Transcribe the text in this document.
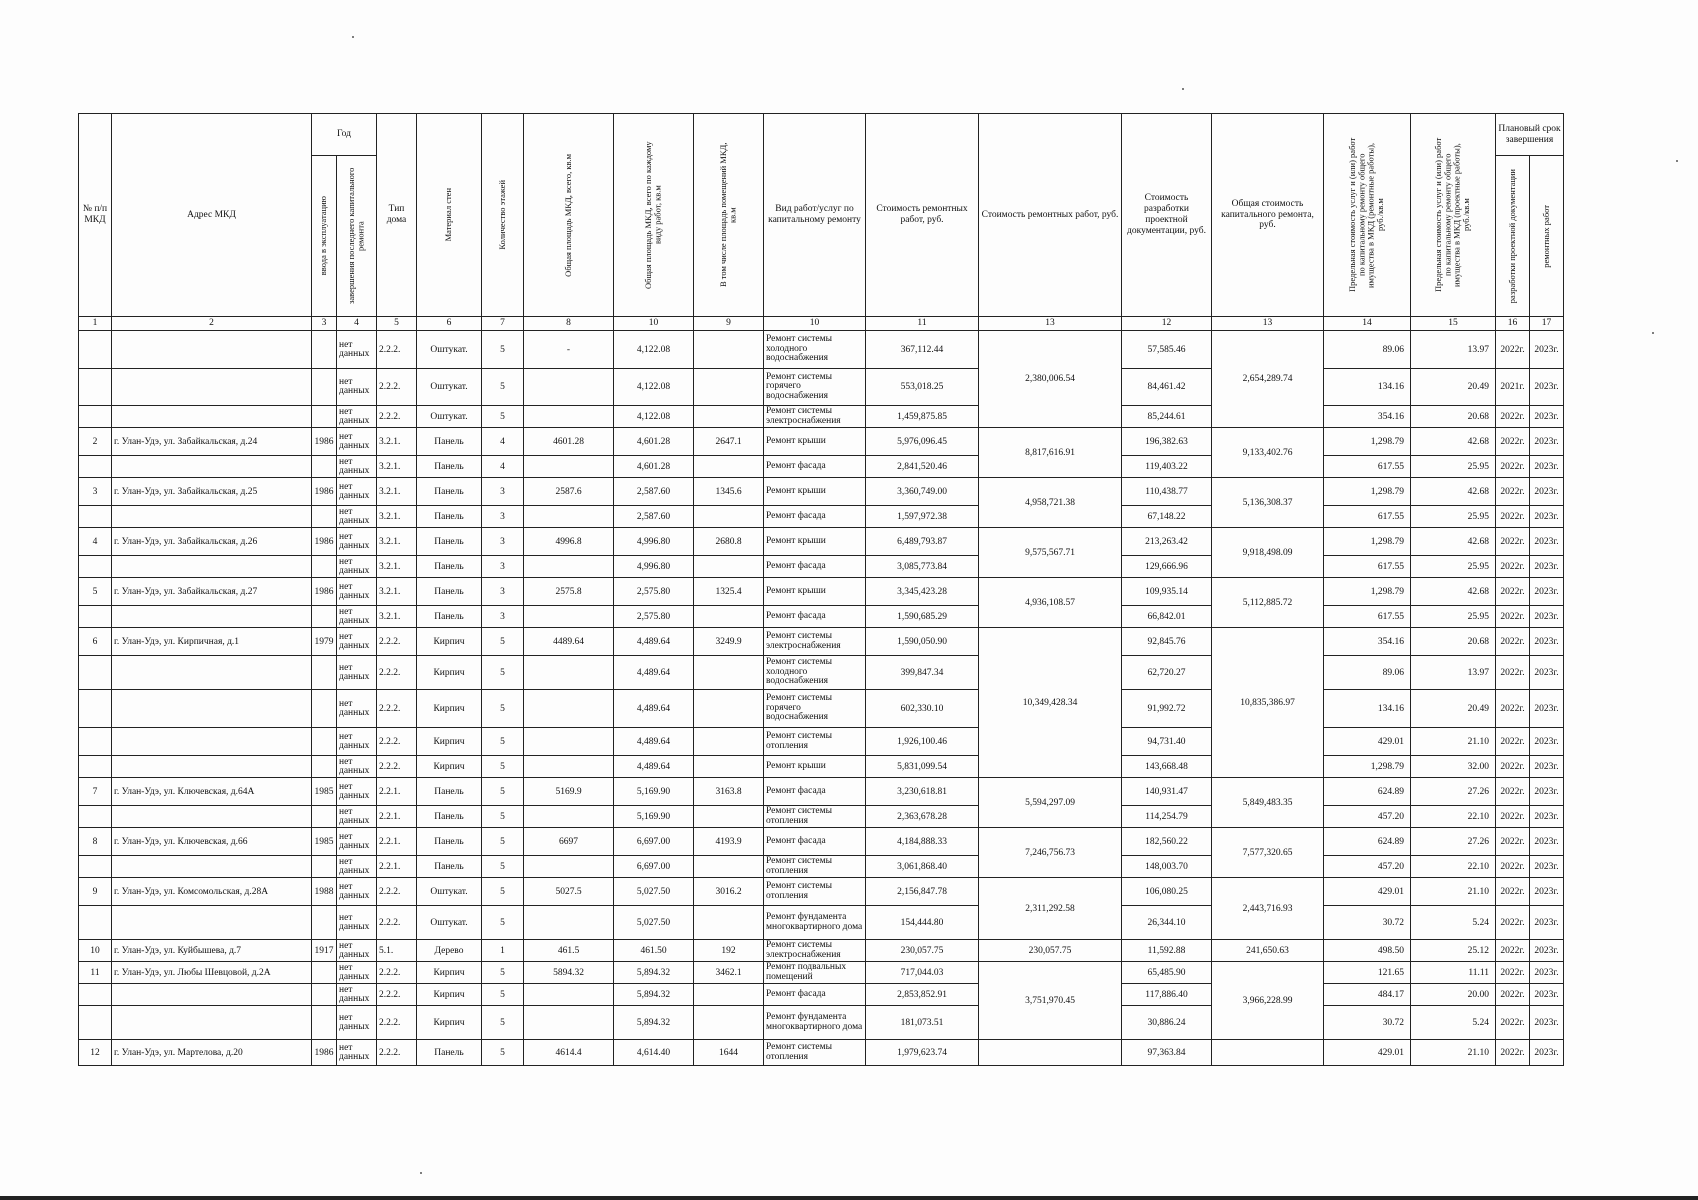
№ п/п МКД	Адрес МКД	Год		Тип дома	Материал стен	Количество этажей	Общая площадь МКД, всего, кв.м	Общая площадь МКД, всего по каждому виду работ, кв.м	В том числе площадь помещений МКД, кв.м	Вид работ/услуг по капитальному ремонту	Стоимость ремонтных работ, руб.	Стоимость ремонтных работ, руб.	Стоимость разработки проектной документации, руб.	Общая стоимость капитального ремонта, руб.	Предельная стоимость услуг и (или) работ по капитальному ремонту общего имущества в МКД (ремонтные работы), руб./кв.м	Предельная стоимость услуг и (или) работ по капитальному ремонту общего имущества в МКД (проектные работы), руб./кв.м	Плановый срок завершения	

		ввода в эксплуатацию	завершения последнего капитального ремонта														разработки проектной документации	ремонтных работ

1	2	3	4	5	6	7	8	10	9	10	11	13	12	13	14	15	16	17
			нет данных	2.2.2.	Оштукат.	5	-	4,122.08		Ремонт системы холодного водоснабжения	367,112.44	2,380,006.54	57,585.46	2,654,289.74	89.06	13.97	2022г.	2023г.
			нет данных	2.2.2.	Оштукат.	5		4,122.08		Ремонт системы горячего водоснабжения	553,018.25		84,461.42		134.16	20.49	2021г.	2023г.
			нет данных	2.2.2.	Оштукат.	5		4,122.08		Ремонт системы электроснабжения	1,459,875.85		85,244.61		354.16	20.68	2022г.	2023г.
2	г. Улан-Удэ, ул. Забайкальская, д.24	1986	нет данных	3.2.1.	Панель	4	4601.28	4,601.28	2647.1	Ремонт крыши	5,976,096.45	8,817,616.91	196,382.63	9,133,402.76	1,298.79	42.68	2022г.	2023г.
			нет данных	3.2.1.	Панель	4		4,601.28		Ремонт фасада	2,841,520.46		119,403.22		617.55	25.95	2022г.	2023г.
3	г. Улан-Удэ, ул. Забайкальская, д.25	1986	нет данных	3.2.1.	Панель	3	2587.6	2,587.60	1345.6	Ремонт крыши	3,360,749.00	4,958,721.38	110,438.77	5,136,308.37	1,298.79	42.68	2022г.	2023г.
			нет данных	3.2.1.	Панель	3		2,587.60		Ремонт фасада	1,597,972.38		67,148.22		617.55	25.95	2022г.	2023г.
4	г. Улан-Удэ, ул. Забайкальская, д.26	1986	нет данных	3.2.1.	Панель	3	4996.8	4,996.80	2680.8	Ремонт крыши	6,489,793.87	9,575,567.71	213,263.42	9,918,498.09	1,298.79	42.68	2022г.	2023г.
			нет данных	3.2.1.	Панель	3		4,996.80		Ремонт фасада	3,085,773.84		129,666.96		617.55	25.95	2022г.	2023г.
5	г. Улан-Удэ, ул. Забайкальская, д.27	1986	нет данных	3.2.1.	Панель	3	2575.8	2,575.80	1325.4	Ремонт крыши	3,345,423.28	4,936,108.57	109,935.14	5,112,885.72	1,298.79	42.68	2022г.	2023г.
			нет данных	3.2.1.	Панель	3		2,575.80		Ремонт фасада	1,590,685.29		66,842.01		617.55	25.95	2022г.	2023г.
6	г. Улан-Удэ, ул. Кирпичная, д.1	1979	нет данных	2.2.2.	Кирпич	5	4489.64	4,489.64	3249.9	Ремонт системы электроснабжения	1,590,050.90	10,349,428.34	92,845.76	10,835,386.97	354.16	20.68	2022г.	2023г.
			нет данных	2.2.2.	Кирпич	5		4,489.64		Ремонт системы холодного водоснабжения	399,847.34		62,720.27		89.06	13.97	2022г.	2023г.
			нет данных	2.2.2.	Кирпич	5		4,489.64		Ремонт системы горячего водоснабжения	602,330.10		91,992.72		134.16	20.49	2022г.	2023г.
			нет данных	2.2.2.	Кирпич	5		4,489.64		Ремонт системы отопления	1,926,100.46		94,731.40		429.01	21.10	2022г.	2023г.
			нет данных	2.2.2.	Кирпич	5		4,489.64		Ремонт крыши	5,831,099.54		143,668.48		1,298.79	32.00	2022г.	2023г.
7	г. Улан-Удэ, ул. Ключевская, д.64А	1985	нет данных	2.2.1.	Панель	5	5169.9	5,169.90	3163.8	Ремонт фасада	3,230,618.81	5,594,297.09	140,931.47	5,849,483.35	624.89	27.26	2022г.	2023г.
			нет данных	2.2.1.	Панель	5		5,169.90		Ремонт системы отопления	2,363,678.28		114,254.79		457.20	22.10	2022г.	2023г.
8	г. Улан-Удэ, ул. Ключевская, д.66	1985	нет данных	2.2.1.	Панель	5	6697	6,697.00	4193.9	Ремонт фасада	4,184,888.33	7,246,756.73	182,560.22	7,577,320.65	624.89	27.26	2022г.	2023г.
			нет данных	2.2.1.	Панель	5		6,697.00		Ремонт системы отопления	3,061,868.40		148,003.70		457.20	22.10	2022г.	2023г.
9	г. Улан-Удэ, ул. Комсомольская, д.28А	1988	нет данных	2.2.2.	Оштукат.	5	5027.5	5,027.50	3016.2	Ремонт системы отопления	2,156,847.78	2,311,292.58	106,080.25	2,443,716.93	429.01	21.10	2022г.	2023г.
			нет данных	2.2.2.	Оштукат.	5		5,027.50		Ремонт фундамента многоквартирного дома	154,444.80		26,344.10		30.72	5.24	2022г.	2023г.
10	г. Улан-Удэ, ул. Куйбышева, д.7	1917	нет данных	5.1.	Дерево	1	461.5	461.50	192	Ремонт системы электроснабжения	230,057.75	230,057.75	11,592.88	241,650.63	498.50	25.12	2022г.	2023г.
11	г. Улан-Удэ, ул. Любы Шевцовой, д.2А		нет данных	2.2.2.	Кирпич	5	5894.32	5,894.32	3462.1	Ремонт подвальных помещений	717,044.03	3,751,970.45	65,485.90	3,966,228.99	121.65	11.11	2022г.	2023г.
			нет данных	2.2.2.	Кирпич	5		5,894.32		Ремонт фасада	2,853,852.91		117,886.40		484.17	20.00	2022г.	2023г.
			нет данных	2.2.2.	Кирпич	5		5,894.32		Ремонт фундамента многоквартирного дома	181,073.51		30,886.24		30.72	5.24	2022г.	2023г.
12	г. Улан-Удэ, ул. Мартелова, д.20	1986	нет данных	2.2.2.	Панель	5	4614.4	4,614.40	1644	Ремонт системы отопления	1,979,623.74		97,363.84		429.01	21.10	2022г.	2023г.
